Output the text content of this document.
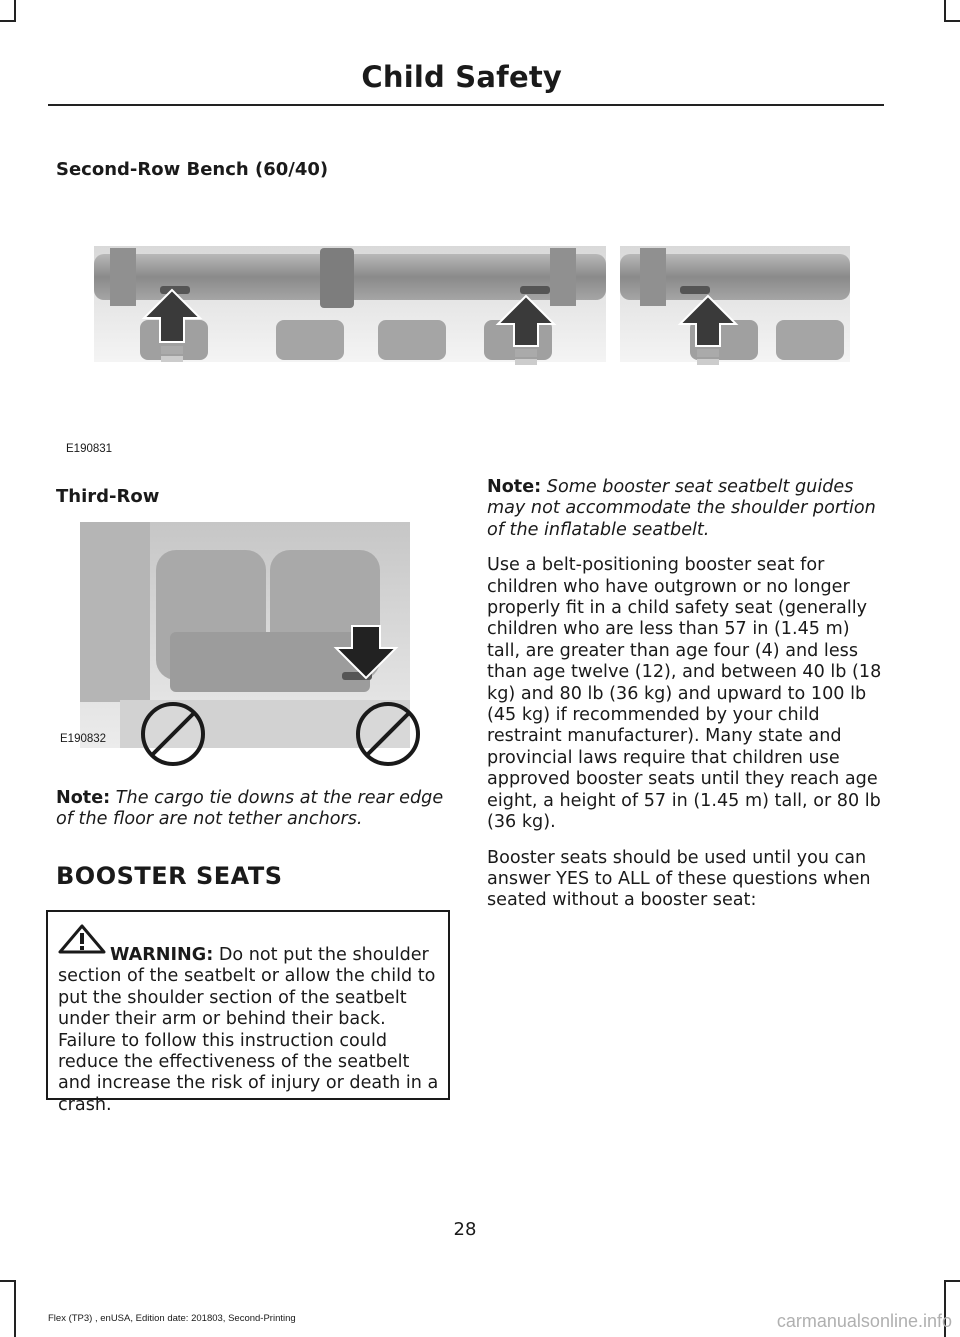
Child Safety
Second-Row Bench (60/40)
E190831
Third-Row
E190832

Note: The cargo tie downs at the rear edge of the floor are not tether anchors.

BOOSTER SEATS
WARNING: Do not put the shoulder section of the seatbelt or allow the child to put the shoulder section of the seatbelt under their arm or behind their back. Failure to follow this instruction could reduce the effectiveness of the seatbelt and increase the risk of injury or death in a crash.

Note: Some booster seat seatbelt guides may not accommodate the shoulder portion of the inflatable seatbelt.

Use a belt-positioning booster seat for children who have outgrown or no longer properly fit in a child safety seat (generally children who are less than 57 in (1.45 m) tall, are greater than age four (4) and less than age twelve (12), and between 40 lb (18 kg) and 80 lb (36 kg) and upward to 100 lb (45 kg) if recommended by your child restraint manufacturer). Many state and provincial laws require that children use approved booster seats until they reach age eight, a height of 57 in (1.45 m) tall, or 80 lb (36 kg).

Booster seats should be used until you can answer YES to ALL of these questions when seated without a booster seat:

28
Flex (TP3) , enUSA, Edition date: 201803, Second-Printing	carmanualsonline.info
